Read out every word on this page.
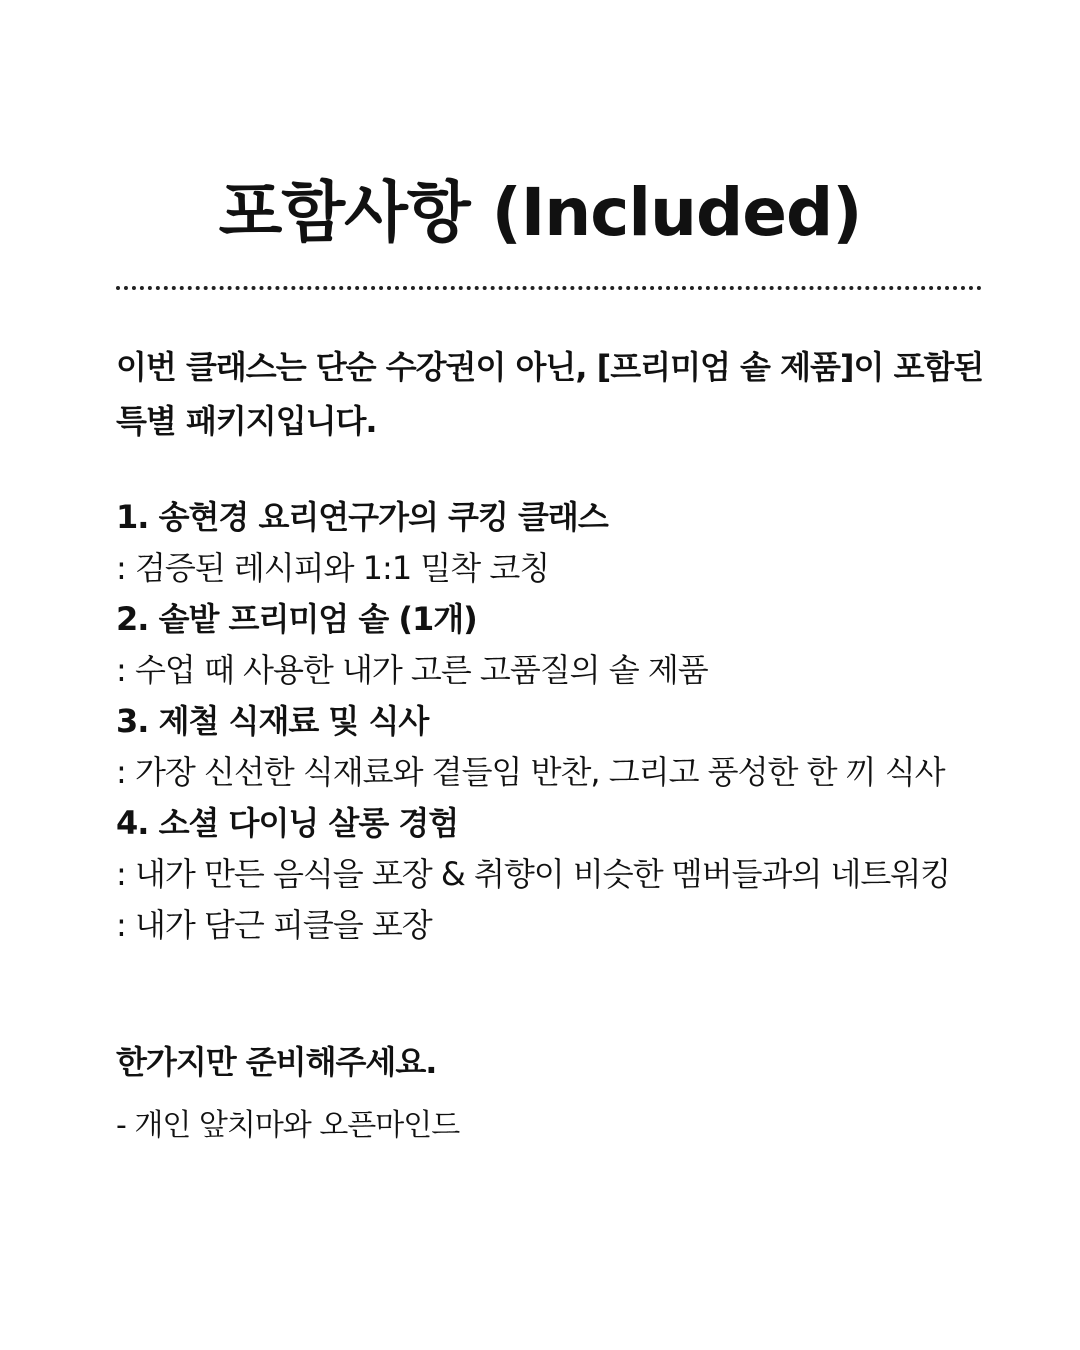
포함사항 (Included)

이번 클래스는 단순 수강권이 아닌, [프리미엄 솥 제품]이 포함된
특별 패키지입니다.

1. 송현경 요리연구가의 쿠킹 클래스

: 검증된 레시피와 1:1 밀착 코칭

2. 솥밭 프리미엄 솥 (1개)

: 수업 때 사용한 내가 고른 고품질의 솥 제품

3. 제철 식재료 및 식사

: 가장 신선한 식재료와 곁들임 반찬, 그리고 풍성한 한 끼 식사

4. 소셜 다이닝 살롱 경험

: 내가 만든 음식을 포장 & 취향이 비슷한 멤버들과의 네트워킹

: 내가 담근 피클을 포장

한가지만 준비해주세요.

- 개인 앞치마와 오픈마인드
